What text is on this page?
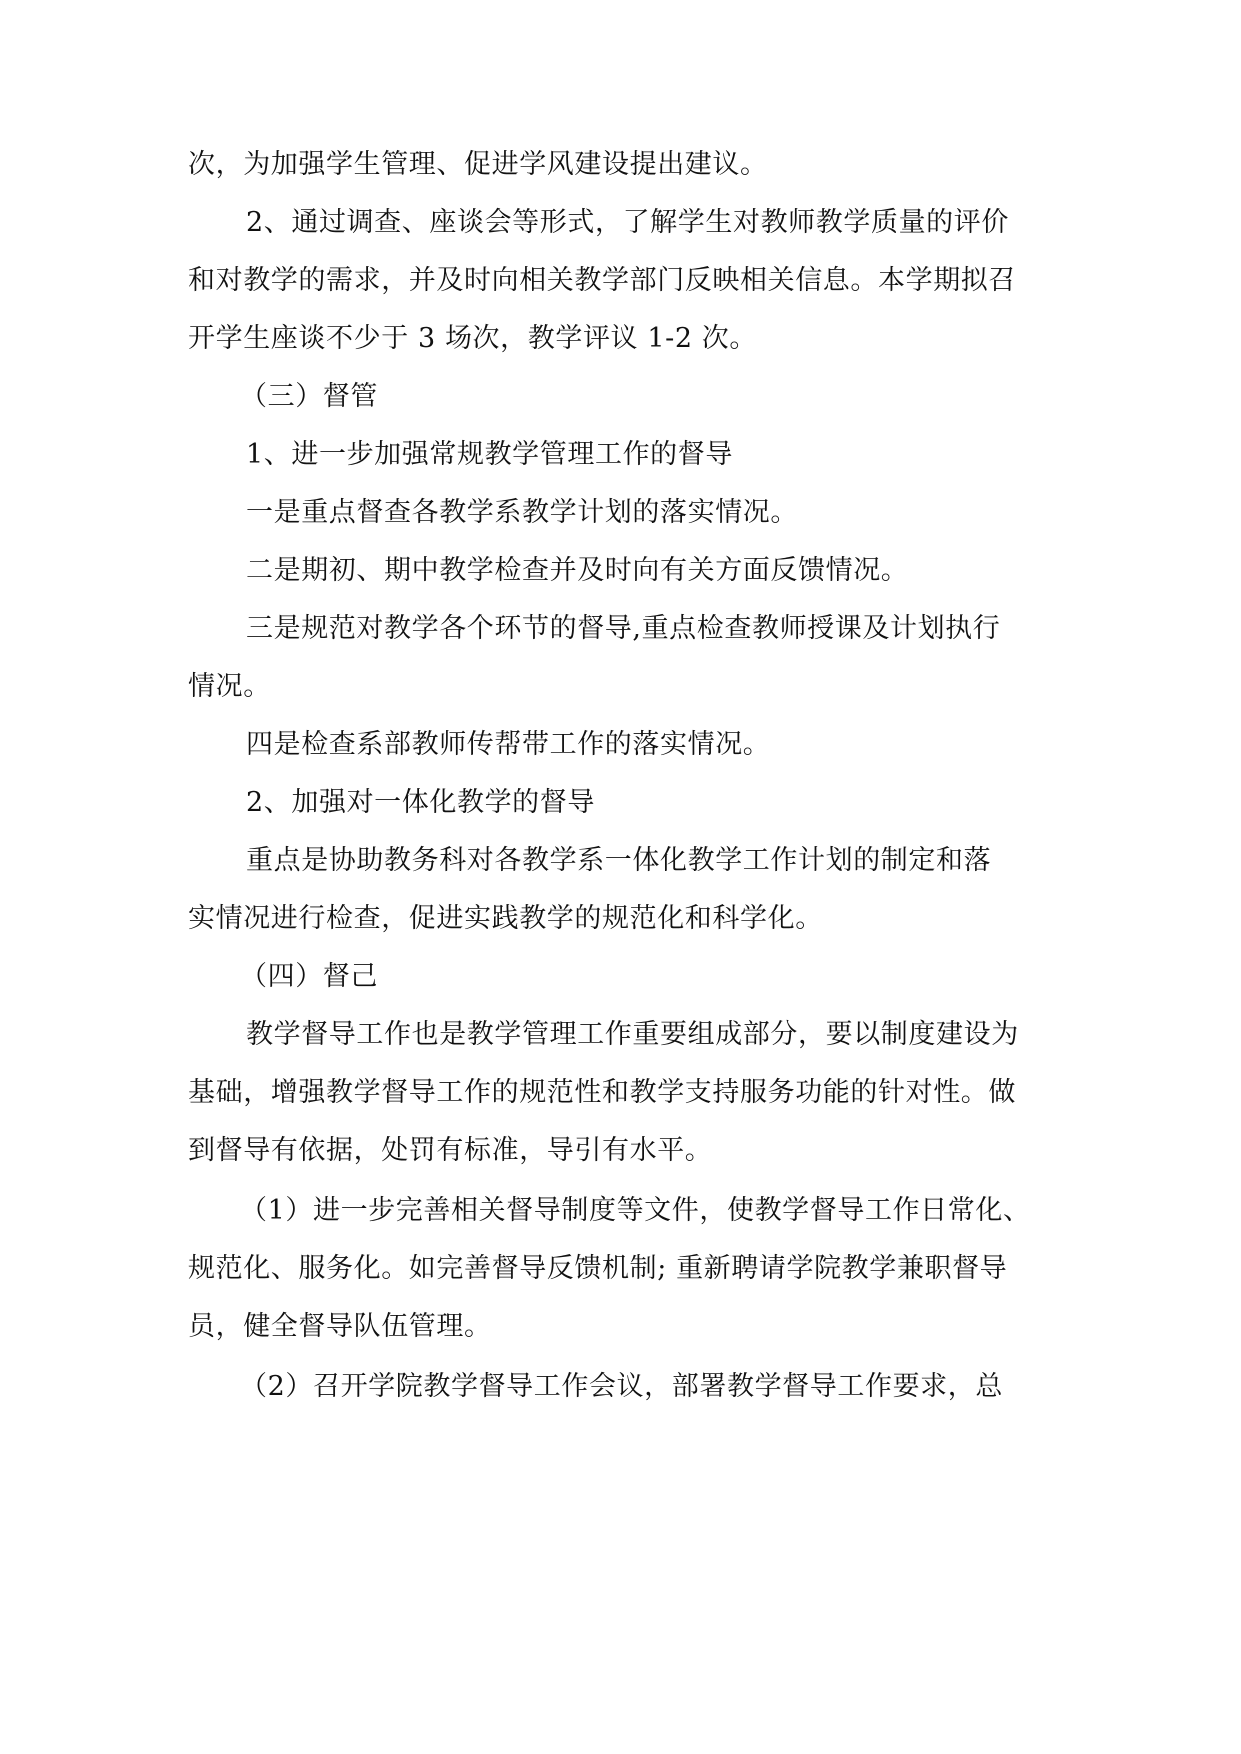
次，为加强学生管理、促进学风建设提出建议。
2、通过调查、座谈会等形式，了解学生对教师教学质量的评价
和对教学的需求，并及时向相关教学部门反映相关信息。本学期拟召
开学生座谈不少于 3 场次，教学评议 1-2 次。
（三）督管
1、进一步加强常规教学管理工作的督导
一是重点督查各教学系教学计划的落实情况。
二是期初、期中教学检查并及时向有关方面反馈情况。
三是规范对教学各个环节的督导,重点检查教师授课及计划执行
情况。
四是检查系部教师传帮带工作的落实情况。
2、加强对一体化教学的督导
重点是协助教务科对各教学系一体化教学工作计划的制定和落
实情况进行检查，促进实践教学的规范化和科学化。
（四）督己
教学督导工作也是教学管理工作重要组成部分，要以制度建设为
基础，增强教学督导工作的规范性和教学支持服务功能的针对性。做
到督导有依据，处罚有标准，导引有水平。
（1）进一步完善相关督导制度等文件，使教学督导工作日常化、
规范化、服务化。如完善督导反馈机制; 重新聘请学院教学兼职督导
员，健全督导队伍管理。
（2）召开学院教学督导工作会议，部署教学督导工作要求，总
